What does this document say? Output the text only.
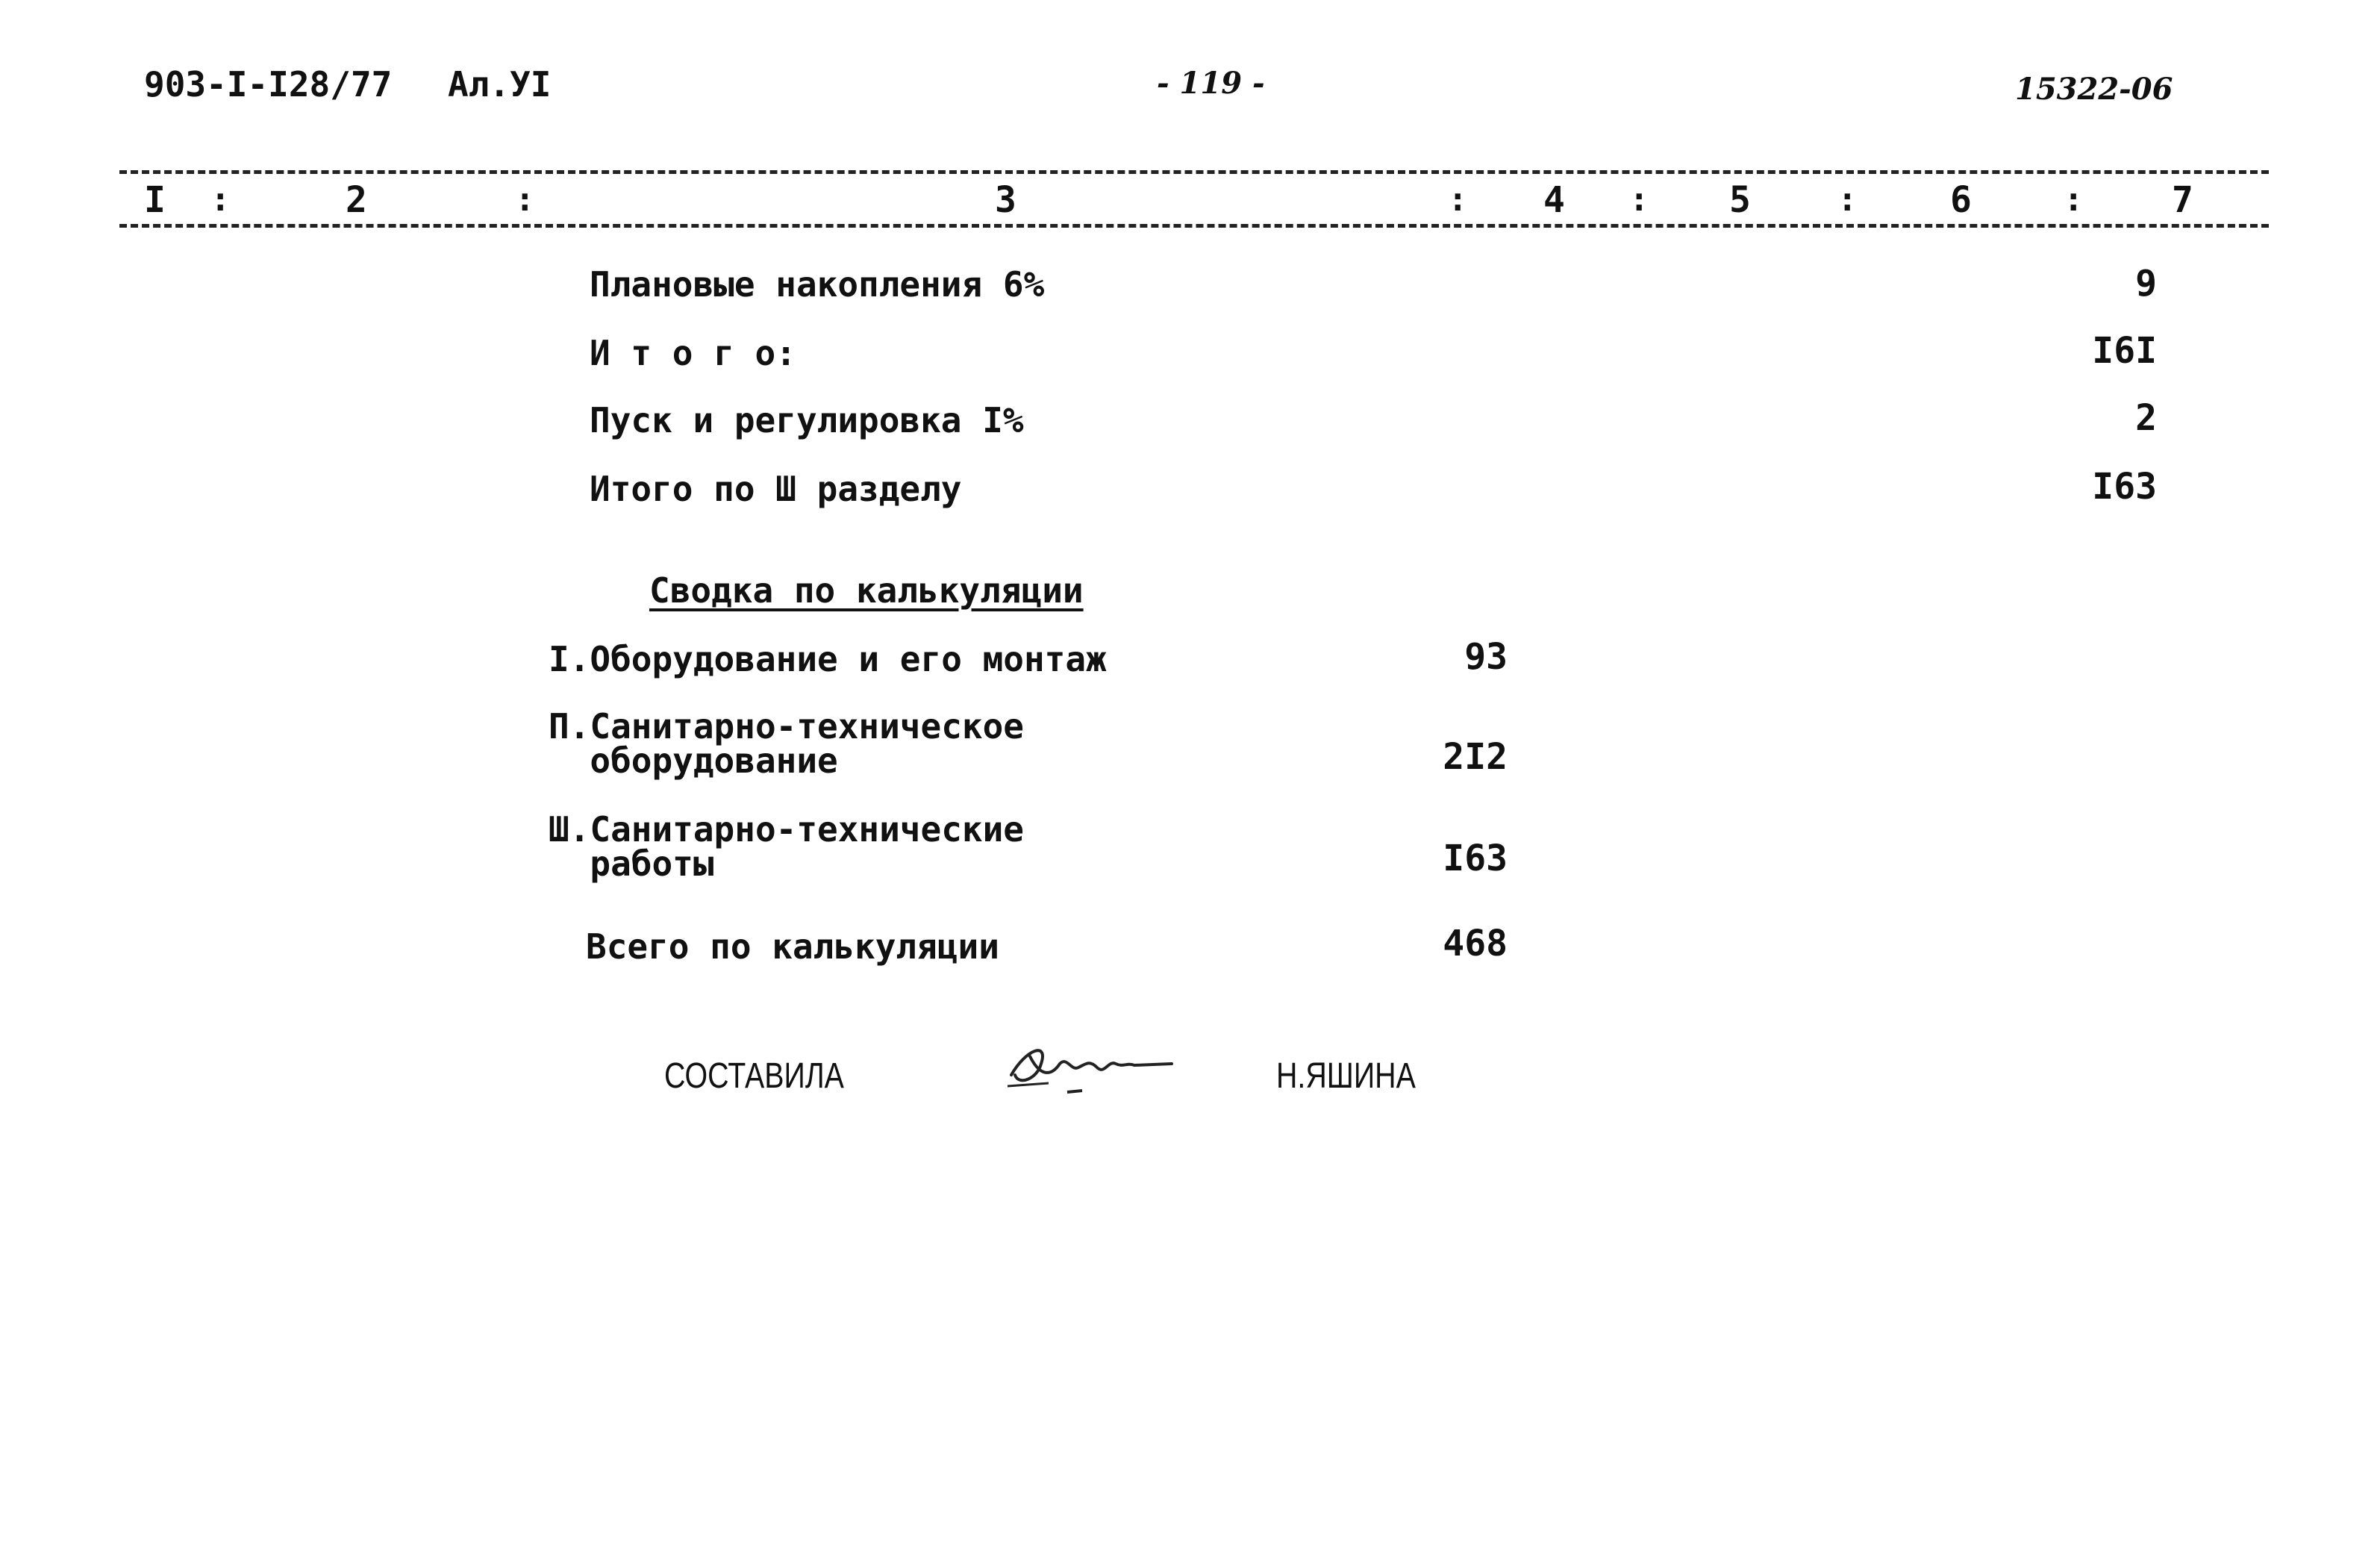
903-I-I28/77 Ал.УI	- 119 -	15322-06
I :	2	:	3	: 4 : 5	:	6	: 7
Плановые накопления 6%	9
И т о г о:	I6I
Пуск и регулировка I%	2
Итого по Ш разделу	I63
Сводка по калькуляции
I.Оборудование и его монтаж	93
П.Санитарно-техническое
оборудование	2I2
Ш.Санитарно-технические
работы	I63
Всего по калькуляции	468
СОСТАВИЛА	Н.ЯШИНА
